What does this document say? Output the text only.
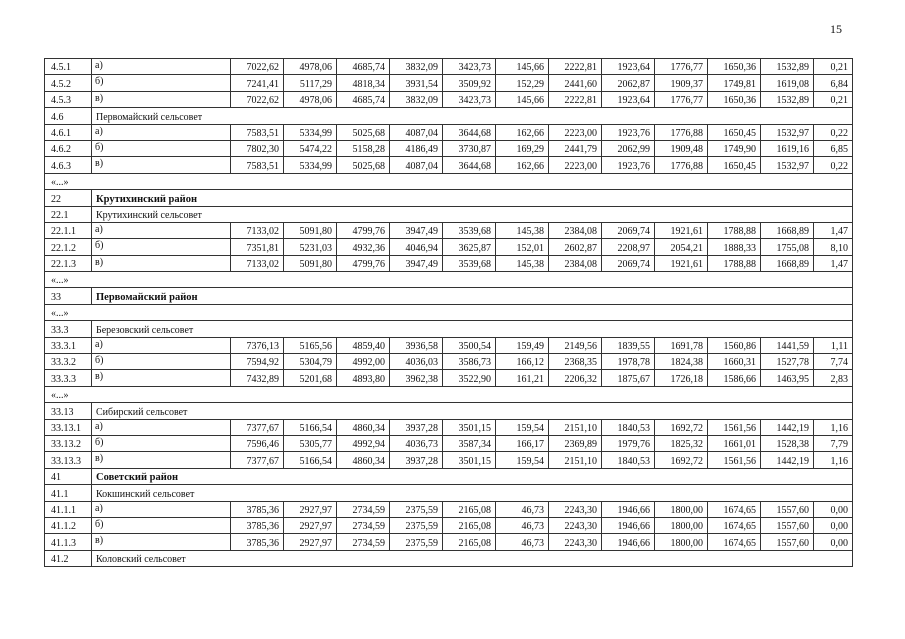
15
4.5.1	а)	7022,62	4978,06	4685,74	3832,09	3423,73	145,66	2222,81	1923,64	1776,77	1650,36	1532,89	0,21
4.5.2	б)	7241,41	5117,29	4818,34	3931,54	3509,92	152,29	2441,60	2062,87	1909,37	1749,81	1619,08	6,84
4.5.3	в)	7022,62	4978,06	4685,74	3832,09	3423,73	145,66	2222,81	1923,64	1776,77	1650,36	1532,89	0,21
4.6	Первомайский сельсовет												
4.6.1	а)	7583,51	5334,99	5025,68	4087,04	3644,68	162,66	2223,00	1923,76	1776,88	1650,45	1532,97	0,22
4.6.2	б)	7802,30	5474,22	5158,28	4186,49	3730,87	169,29	2441,79	2062,99	1909,48	1749,90	1619,16	6,85
4.6.3	в)	7583,51	5334,99	5025,68	4087,04	3644,68	162,66	2223,00	1923,76	1776,88	1650,45	1532,97	0,22
«...»													
22	Крутихинский район												
22.1	Крутихинский сельсовет												
22.1.1	а)	7133,02	5091,80	4799,76	3947,49	3539,68	145,38	2384,08	2069,74	1921,61	1788,88	1668,89	1,47
22.1.2	б)	7351,81	5231,03	4932,36	4046,94	3625,87	152,01	2602,87	2208,97	2054,21	1888,33	1755,08	8,10
22.1.3	в)	7133,02	5091,80	4799,76	3947,49	3539,68	145,38	2384,08	2069,74	1921,61	1788,88	1668,89	1,47
«...»													
33	Первомайский район												
«...»													
33.3	Березовский сельсовет												
33.3.1	а)	7376,13	5165,56	4859,40	3936,58	3500,54	159,49	2149,56	1839,55	1691,78	1560,86	1441,59	1,11
33.3.2	б)	7594,92	5304,79	4992,00	4036,03	3586,73	166,12	2368,35	1978,78	1824,38	1660,31	1527,78	7,74
33.3.3	в)	7432,89	5201,68	4893,80	3962,38	3522,90	161,21	2206,32	1875,67	1726,18	1586,66	1463,95	2,83
«...»													
33.13	Сибирский сельсовет												
33.13.1	а)	7377,67	5166,54	4860,34	3937,28	3501,15	159,54	2151,10	1840,53	1692,72	1561,56	1442,19	1,16
33.13.2	б)	7596,46	5305,77	4992,94	4036,73	3587,34	166,17	2369,89	1979,76	1825,32	1661,01	1528,38	7,79
33.13.3	в)	7377,67	5166,54	4860,34	3937,28	3501,15	159,54	2151,10	1840,53	1692,72	1561,56	1442,19	1,16
41	Советский район												
41.1	Кокшинский сельсовет												
41.1.1	а)	3785,36	2927,97	2734,59	2375,59	2165,08	46,73	2243,30	1946,66	1800,00	1674,65	1557,60	0,00
41.1.2	б)	3785,36	2927,97	2734,59	2375,59	2165,08	46,73	2243,30	1946,66	1800,00	1674,65	1557,60	0,00
41.1.3	в)	3785,36	2927,97	2734,59	2375,59	2165,08	46,73	2243,30	1946,66	1800,00	1674,65	1557,60	0,00
41.2	Коловский сельсовет												
